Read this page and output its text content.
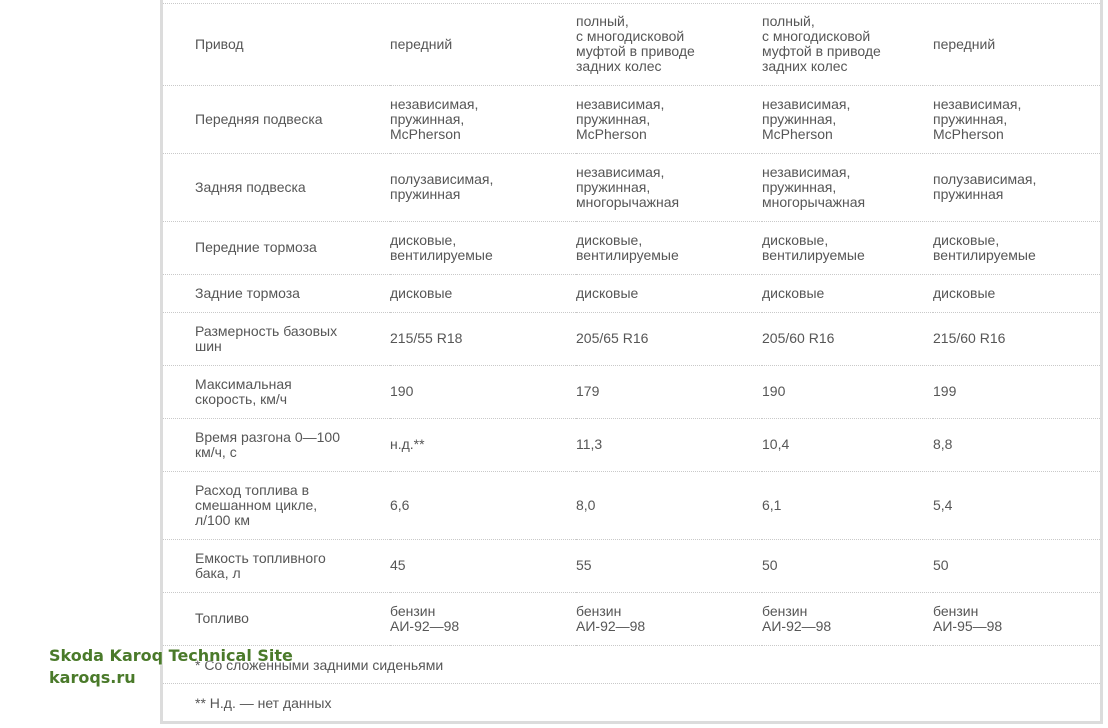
Привод	передний	полный,
с многодисковой
муфтой в приводе
задних колес	полный,
с многодисковой
муфтой в приводе
задних колес	передний

Передняя подвеска	независимая,
пружинная,
McPherson	независимая,
пружинная,
McPherson	независимая,
пружинная,
McPherson	независимая,
пружинная,
McPherson

Задняя подвеска	полузависимая,
пружинная	независимая,
пружинная,
многорычажная	независимая,
пружинная,
многорычажная	полузависимая,
пружинная

Передние тормоза	дисковые,
вентилируемые	дисковые,
вентилируемые	дисковые,
вентилируемые	дисковые,
вентилируемые

Задние тормоза	дисковые	дисковые	дисковые	дисковые

Размерность базовых
шин	215/55 R18	205/65 R16	205/60 R16	215/60 R16

Максимальная
скорость, км/ч	190	179	190	199

Время разгона 0—100
км/ч, с	н.д.**	11,3	10,4	8,8

Расход топлива в
смешанном цикле,
л/100 км	6,6	8,0	6,1	5,4

Емкость топливного
бака, л	45	55	50	50

Топливо	бензин
АИ-92—98	бензин
АИ-92—98	бензин
АИ-92—98	бензин
АИ-95—98
* Со сложенными задними сиденьями
** Н.д. — нет данных
Skoda Karoq Technical Site
karoqs.ru
